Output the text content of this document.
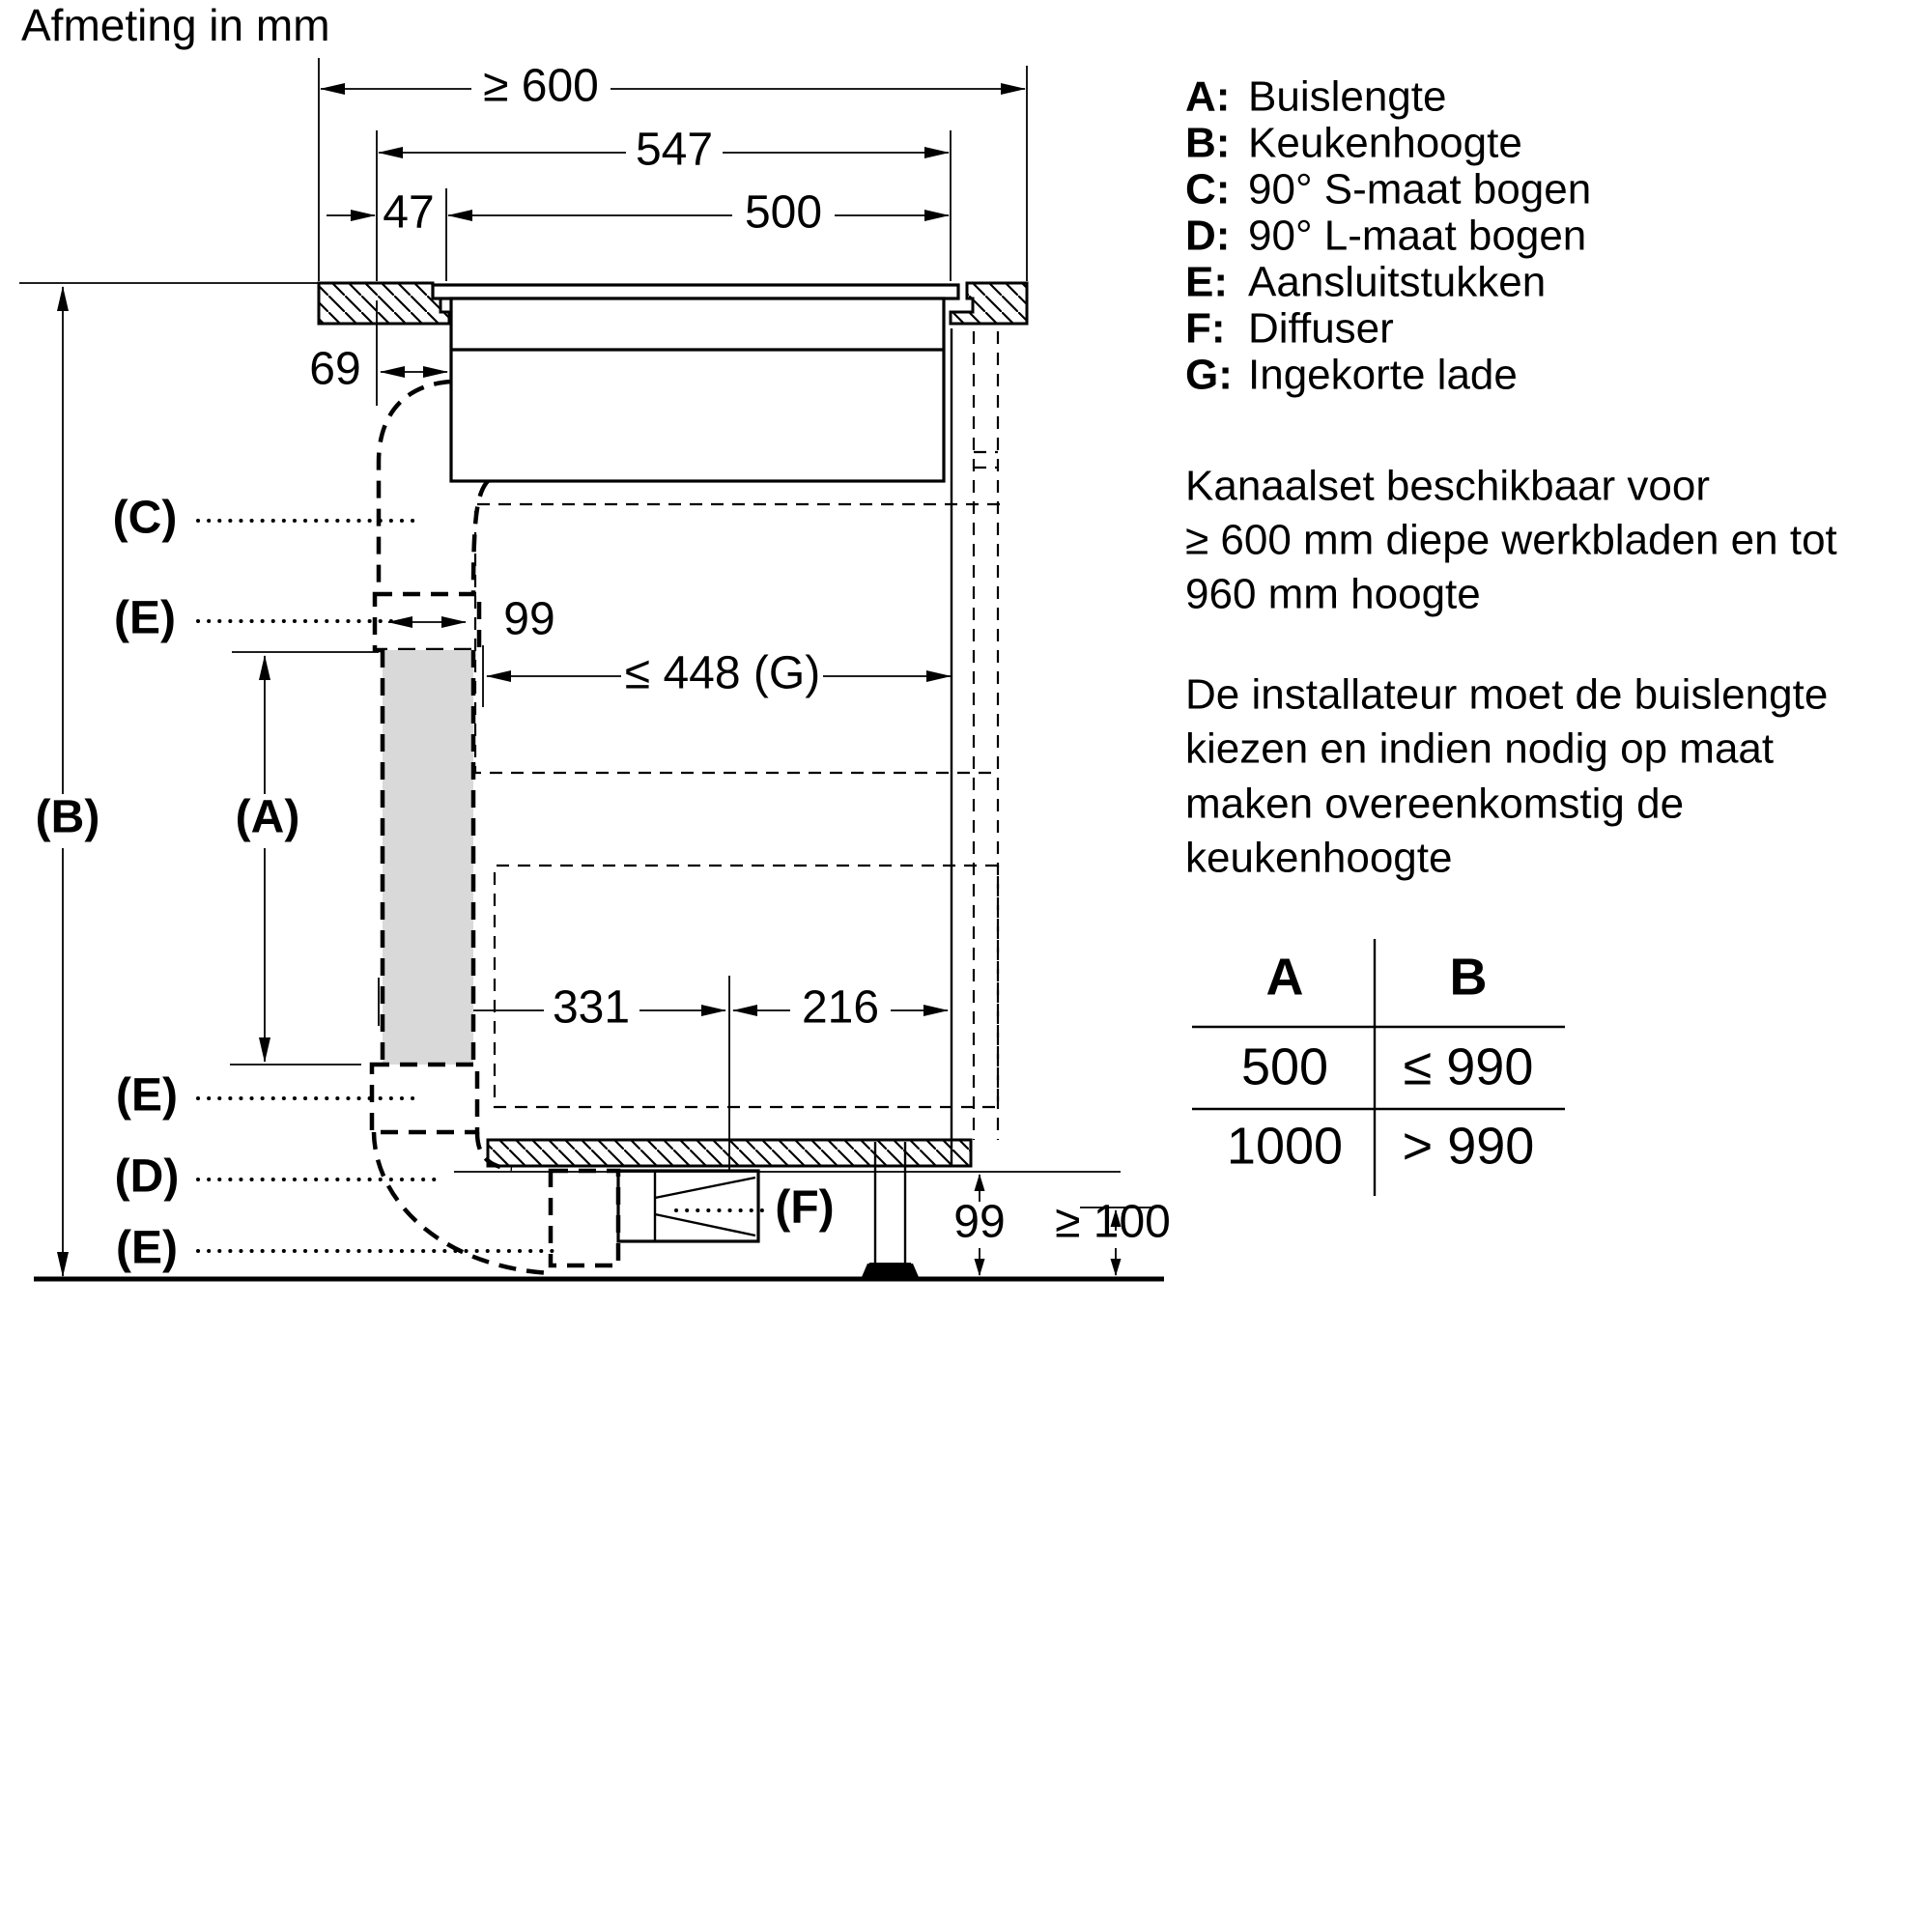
Afmeting in mm
≥ 600
547
47	500
69
99
≤ 448 (G)
331	216
99 ≥ 100
(B)	(A)
(C)
(E)
(E)
(D)
(E)
(F)
A: Buislengte
B: Keukenhoogte
C: 90° S-maat bogen
D: 90° L-maat bogen
E: Aansluitstukken
F: Diffuser
G: Ingekorte lade
Kanaalset beschikbaar voor
≥ 600 mm diepe werkbladen en tot
960 mm hoogte
De installateur moet de buislengte
kiezen en indien nodig op maat
maken overeenkomstig de
keukenhoogte
A	B
500 ≤ 990
1000 > 990
